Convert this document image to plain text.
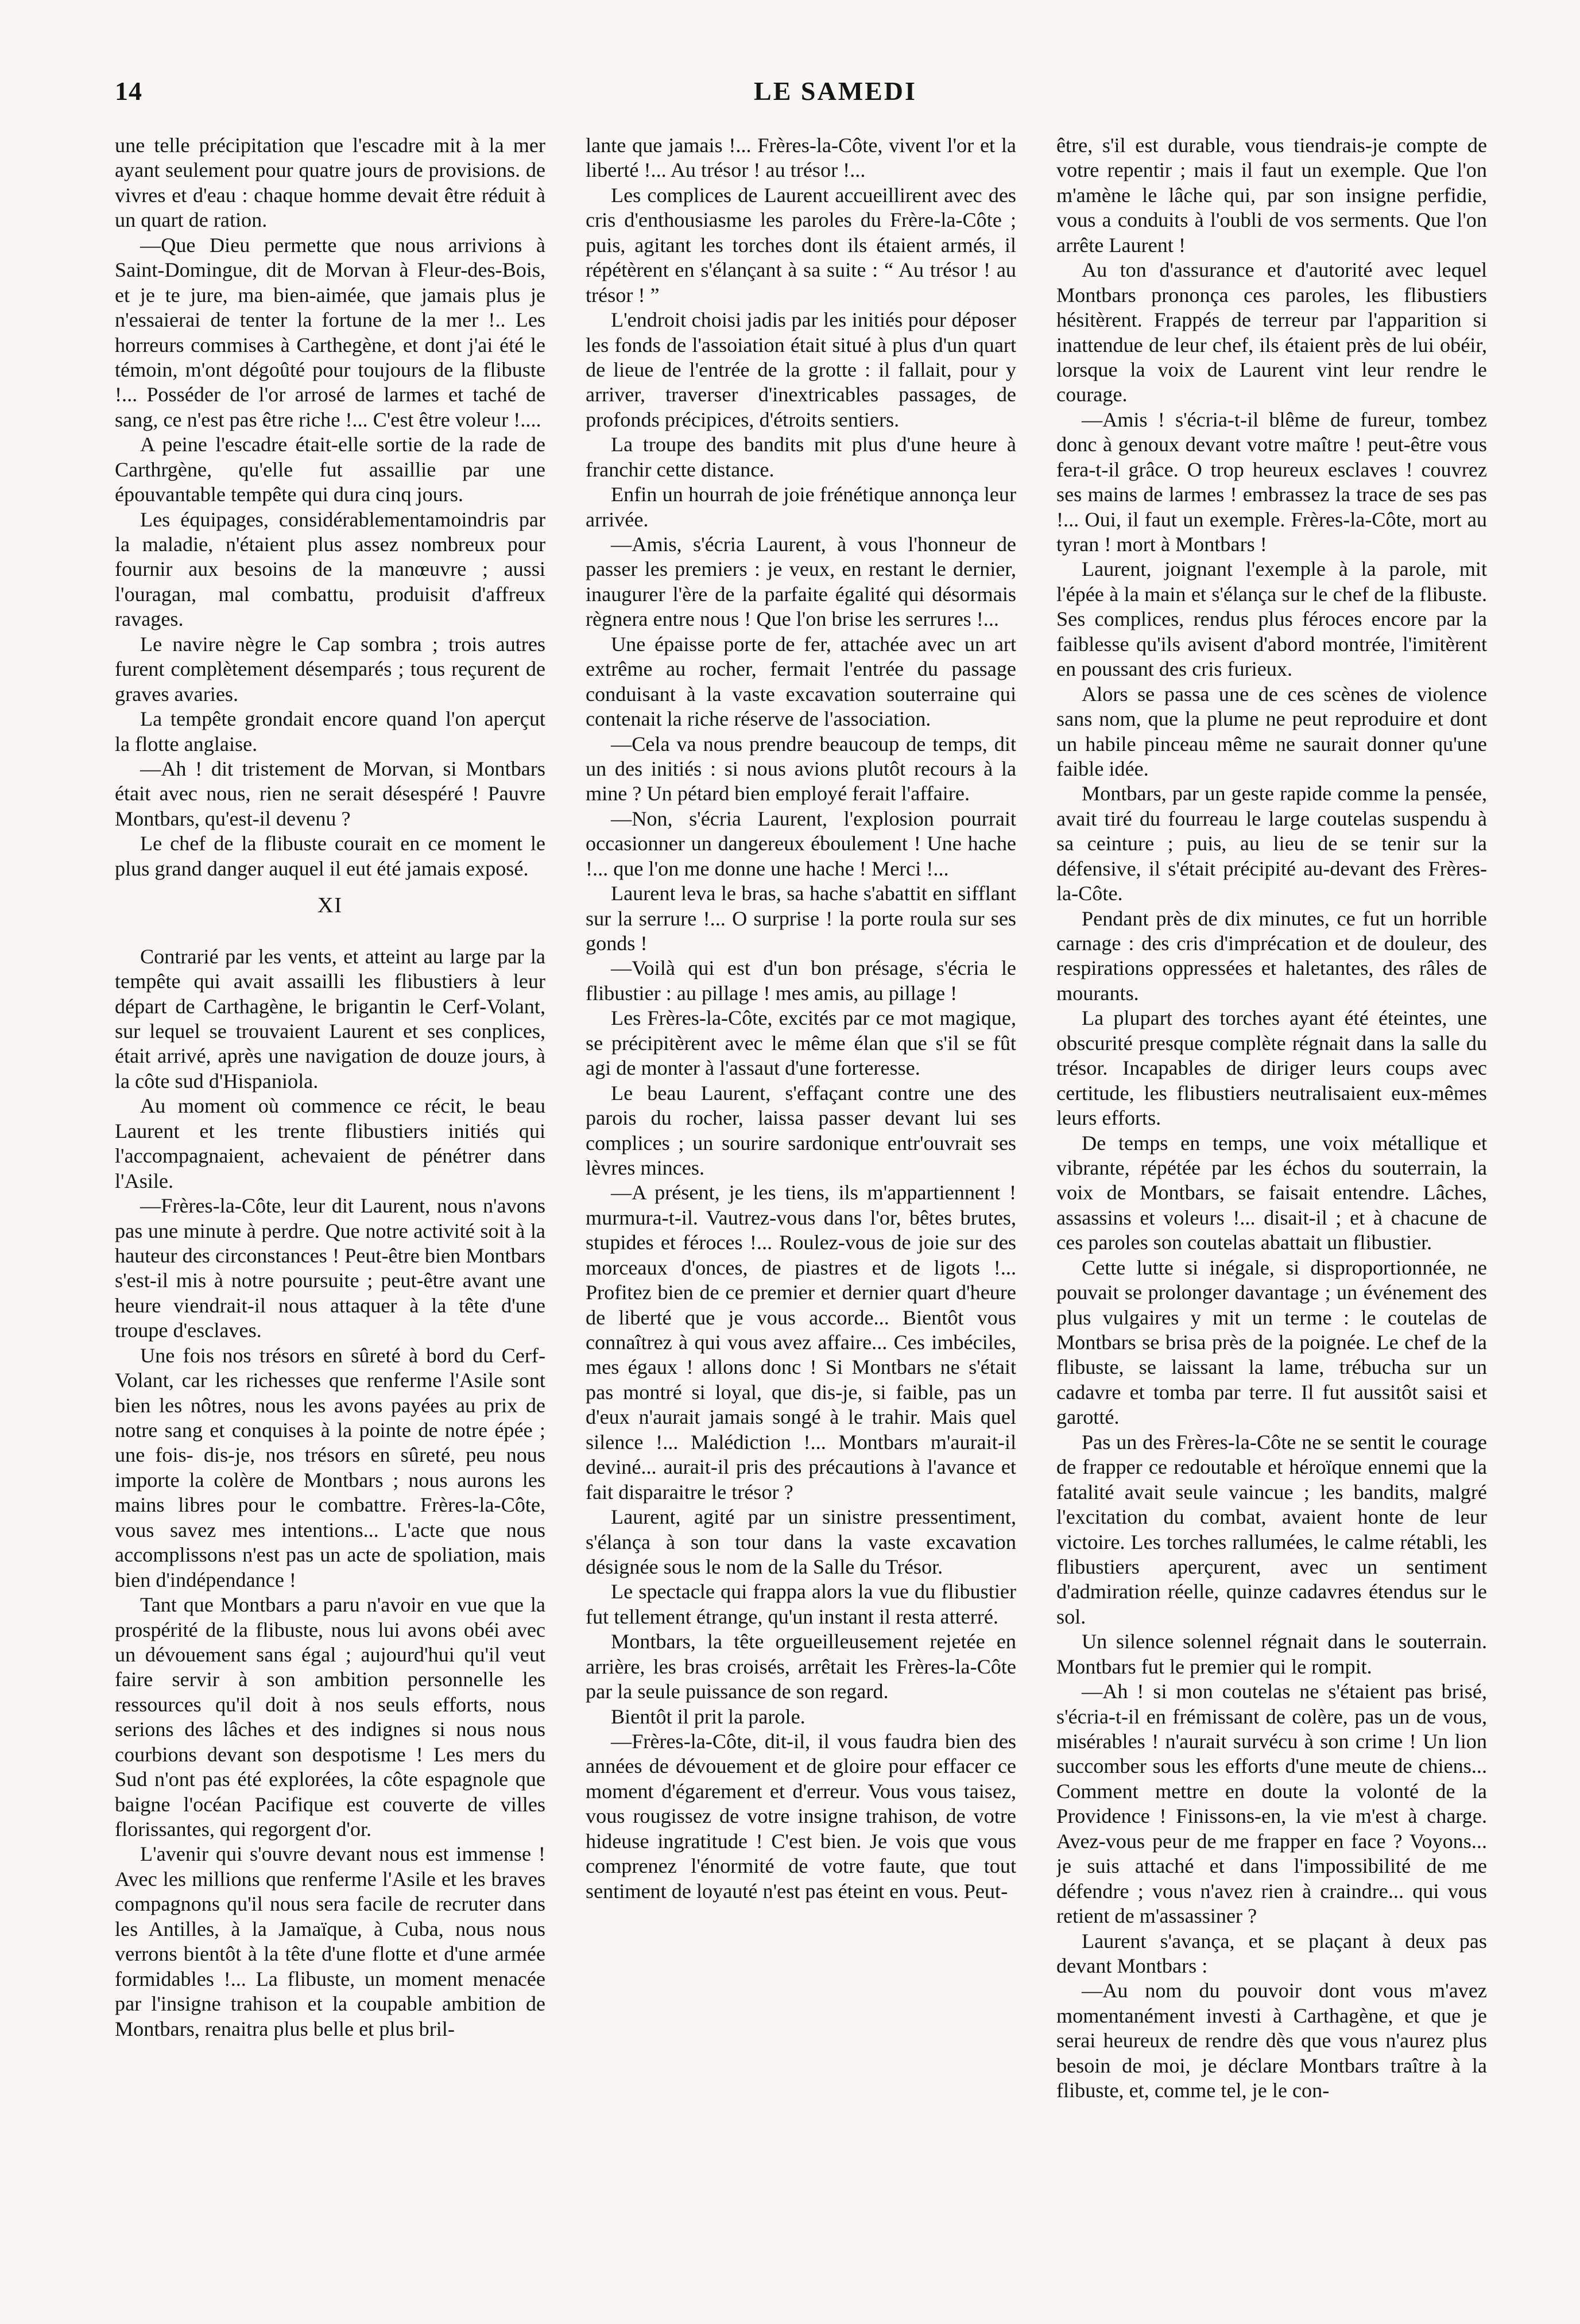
14	LE SAMEDI

une telle précipitation que l'escadre mit à la mer ayant seulement pour quatre jours de provisions. de vivres et d'eau : chaque homme devait être réduit à un quart de ration.

—Que Dieu permette que nous arrivions à Saint-Domingue, dit de Morvan à Fleur-des-Bois, et je te jure, ma bien-aimée, que jamais plus je n'essaierai de tenter la fortune de la mer !.. Les horreurs commises à Carthegène, et dont j'ai été le témoin, m'ont dégoûté pour toujours de la flibuste !... Posséder de l'or arrosé de larmes et taché de sang, ce n'est pas être riche !... C'est être voleur !....

A peine l'escadre était-elle sortie de la rade de Carthrgène, qu'elle fut assaillie par une épouvantable tempête qui dura cinq jours.

Les équipages, considérablementamoindris par la maladie, n'étaient plus assez nombreux pour fournir aux besoins de la manœuvre ; aussi l'ouragan, mal combattu, produisit d'affreux ravages.

Le navire nègre le Cap sombra ; trois autres furent complètement désemparés ; tous reçurent de graves avaries.

La tempête grondait encore quand l'on aperçut la flotte anglaise.

—Ah ! dit tristement de Morvan, si Montbars était avec nous, rien ne serait désespéré ! Pauvre Montbars, qu'est-il devenu ?

Le chef de la flibuste courait en ce moment le plus grand danger auquel il eut été jamais exposé.

XI

Contrarié par les vents, et atteint au large par la tempête qui avait assailli les flibustiers à leur départ de Carthagène, le brigantin le Cerf-Volant, sur lequel se trouvaient Laurent et ses conplices, était arrivé, après une navigation de douze jours, à la côte sud d'Hispaniola.

Au moment où commence ce récit, le beau Laurent et les trente flibustiers initiés qui l'accompagnaient, achevaient de pénétrer dans l'Asile.

—Frères-la-Côte, leur dit Laurent, nous n'avons pas une minute à perdre. Que notre activité soit à la hauteur des circonstances ! Peut-être bien Montbars s'est-il mis à notre poursuite ; peut-être avant une heure viendrait-il nous attaquer à la tête d'une troupe d'esclaves.

Une fois nos trésors en sûreté à bord du Cerf-Volant, car les richesses que renferme l'Asile sont bien les nôtres, nous les avons payées au prix de notre sang et conquises à la pointe de notre épée ; une fois- dis-je, nos trésors en sûreté, peu nous importe la colère de Montbars ; nous aurons les mains libres pour le combattre. Frères-la-Côte, vous savez mes intentions... L'acte que nous accomplissons n'est pas un acte de spoliation, mais bien d'indépendance !

Tant que Montbars a paru n'avoir en vue que la prospérité de la flibuste, nous lui avons obéi avec un dévouement sans égal ; aujourd'hui qu'il veut faire servir à son ambition personnelle les ressources qu'il doit à nos seuls efforts, nous serions des lâches et des indignes si nous nous courbions devant son despotisme ! Les mers du Sud n'ont pas été explorées, la côte espagnole que baigne l'océan Pacifique est couverte de villes florissantes, qui regorgent d'or.

L'avenir qui s'ouvre devant nous est immense ! Avec les millions que renferme l'Asile et les braves compagnons qu'il nous sera facile de recruter dans les Antilles, à la Jamaïque, à Cuba, nous nous verrons bientôt à la tête d'une flotte et d'une armée formidables !... La flibuste, un moment menacée par l'insigne trahison et la coupable ambition de Montbars, renaitra plus belle et plus bril-

lante que jamais !... Frères-la-Côte, vivent l'or et la liberté !... Au trésor ! au trésor !...

Les complices de Laurent accueillirent avec des cris d'enthousiasme les paroles du Frère-la-Côte ; puis, agitant les torches dont ils étaient armés, il répétèrent en s'élançant à sa suite : “ Au trésor ! au trésor ! ”

L'endroit choisi jadis par les initiés pour déposer les fonds de l'assoiation était situé à plus d'un quart de lieue de l'entrée de la grotte : il fallait, pour y arriver, traverser d'inextricables passages, de profonds précipices, d'étroits sentiers.

La troupe des bandits mit plus d'une heure à franchir cette distance.

Enfin un hourrah de joie frénétique annonça leur arrivée.

—Amis, s'écria Laurent, à vous l'honneur de passer les premiers : je veux, en restant le dernier, inaugurer l'ère de la parfaite égalité qui désormais règnera entre nous ! Que l'on brise les serrures !...

Une épaisse porte de fer, attachée avec un art extrême au rocher, fermait l'entrée du passage conduisant à la vaste excavation souterraine qui contenait la riche réserve de l'association.

—Cela va nous prendre beaucoup de temps, dit un des initiés : si nous avions plutôt recours à la mine ? Un pétard bien employé ferait l'affaire.

—Non, s'écria Laurent, l'explosion pourrait occasionner un dangereux éboulement ! Une hache !... que l'on me donne une hache ! Merci !...

Laurent leva le bras, sa hache s'abattit en sifflant sur la serrure !... O surprise ! la porte roula sur ses gonds !

—Voilà qui est d'un bon présage, s'écria le flibustier : au pillage ! mes amis, au pillage !

Les Frères-la-Côte, excités par ce mot magique, se précipitèrent avec le même élan que s'il se fût agi de monter à l'assaut d'une forteresse.

Le beau Laurent, s'effaçant contre une des parois du rocher, laissa passer devant lui ses complices ; un sourire sardonique entr'ouvrait ses lèvres minces.

—A présent, je les tiens, ils m'appartiennent ! murmura-t-il. Vautrez-vous dans l'or, bêtes brutes, stupides et féroces !... Roulez-vous de joie sur des morceaux d'onces, de piastres et de ligots !... Profitez bien de ce premier et dernier quart d'heure de liberté que je vous accorde... Bientôt vous connaîtrez à qui vous avez affaire... Ces imbéciles, mes égaux ! allons donc ! Si Montbars ne s'était pas montré si loyal, que dis-je, si faible, pas un d'eux n'aurait jamais songé à le trahir. Mais quel silence !... Malédiction !... Montbars m'aurait-il deviné... aurait-il pris des précautions à l'avance et fait disparaitre le trésor ?

Laurent, agité par un sinistre pressentiment, s'élança à son tour dans la vaste excavation désignée sous le nom de la Salle du Trésor.

Le spectacle qui frappa alors la vue du flibustier fut tellement étrange, qu'un instant il resta atterré.

Montbars, la tête orgueilleusement rejetée en arrière, les bras croisés, arrêtait les Frères-la-Côte par la seule puissance de son regard.

Bientôt il prit la parole.

—Frères-la-Côte, dit-il, il vous faudra bien des années de dévouement et de gloire pour effacer ce moment d'égarement et d'erreur. Vous vous taisez, vous rougissez de votre insigne trahison, de votre hideuse ingratitude ! C'est bien. Je vois que vous comprenez l'énormité de votre faute, que tout sentiment de loyauté n'est pas éteint en vous. Peut-

être, s'il est durable, vous tiendrais-je compte de votre repentir ; mais il faut un exemple. Que l'on m'amène le lâche qui, par son insigne perfidie, vous a conduits à l'oubli de vos serments. Que l'on arrête Laurent !

Au ton d'assurance et d'autorité avec lequel Montbars prononça ces paroles, les flibustiers hésitèrent. Frappés de terreur par l'apparition si inattendue de leur chef, ils étaient près de lui obéir, lorsque la voix de Laurent vint leur rendre le courage.

—Amis ! s'écria-t-il blême de fureur, tombez donc à genoux devant votre maître ! peut-être vous fera-t-il grâce. O trop heureux esclaves ! couvrez ses mains de larmes ! embrassez la trace de ses pas !... Oui, il faut un exemple. Frères-la-Côte, mort au tyran ! mort à Montbars !

Laurent, joignant l'exemple à la parole, mit l'épée à la main et s'élança sur le chef de la flibuste. Ses complices, rendus plus féroces encore par la faiblesse qu'ils avisent d'abord montrée, l'imitèrent en poussant des cris furieux.

Alors se passa une de ces scènes de violence sans nom, que la plume ne peut reproduire et dont un habile pinceau même ne saurait donner qu'une faible idée.

Montbars, par un geste rapide comme la pensée, avait tiré du fourreau le large coutelas suspendu à sa ceinture ; puis, au lieu de se tenir sur la défensive, il s'était précipité au-devant des Frères-la-Côte.

Pendant près de dix minutes, ce fut un horrible carnage : des cris d'imprécation et de douleur, des respirations oppressées et haletantes, des râles de mourants.

La plupart des torches ayant été éteintes, une obscurité presque complète régnait dans la salle du trésor. Incapables de diriger leurs coups avec certitude, les flibustiers neutralisaient eux-mêmes leurs efforts.

De temps en temps, une voix métallique et vibrante, répétée par les échos du souterrain, la voix de Montbars, se faisait entendre. Lâches, assassins et voleurs !... disait-il ; et à chacune de ces paroles son coutelas abattait un flibustier.

Cette lutte si inégale, si disproportionnée, ne pouvait se prolonger davantage ; un événement des plus vulgaires y mit un terme : le coutelas de Montbars se brisa près de la poignée. Le chef de la flibuste, se laissant la lame, trébucha sur un cadavre et tomba par terre. Il fut aussitôt saisi et garotté.

Pas un des Frères-la-Côte ne se sentit le courage de frapper ce redoutable et héroïque ennemi que la fatalité avait seule vaincue ; les bandits, malgré l'excitation du combat, avaient honte de leur victoire. Les torches rallumées, le calme rétabli, les flibustiers aperçurent, avec un sentiment d'admiration réelle, quinze cadavres étendus sur le sol.

Un silence solennel régnait dans le souterrain. Montbars fut le premier qui le rompit.

—Ah ! si mon coutelas ne s'étaient pas brisé, s'écria-t-il en frémissant de colère, pas un de vous, misérables ! n'aurait survécu à son crime ! Un lion succomber sous les efforts d'une meute de chiens... Comment mettre en doute la volonté de la Providence ! Finissons-en, la vie m'est à charge. Avez-vous peur de me frapper en face ? Voyons... je suis attaché et dans l'impossibilité de me défendre ; vous n'avez rien à craindre... qui vous retient de m'assassiner ?

Laurent s'avança, et se plaçant à deux pas devant Montbars :

—Au nom du pouvoir dont vous m'avez momentanément investi à Carthagène, et que je serai heureux de rendre dès que vous n'aurez plus besoin de moi, je déclare Montbars traître à la flibuste, et, comme tel, je le con-
